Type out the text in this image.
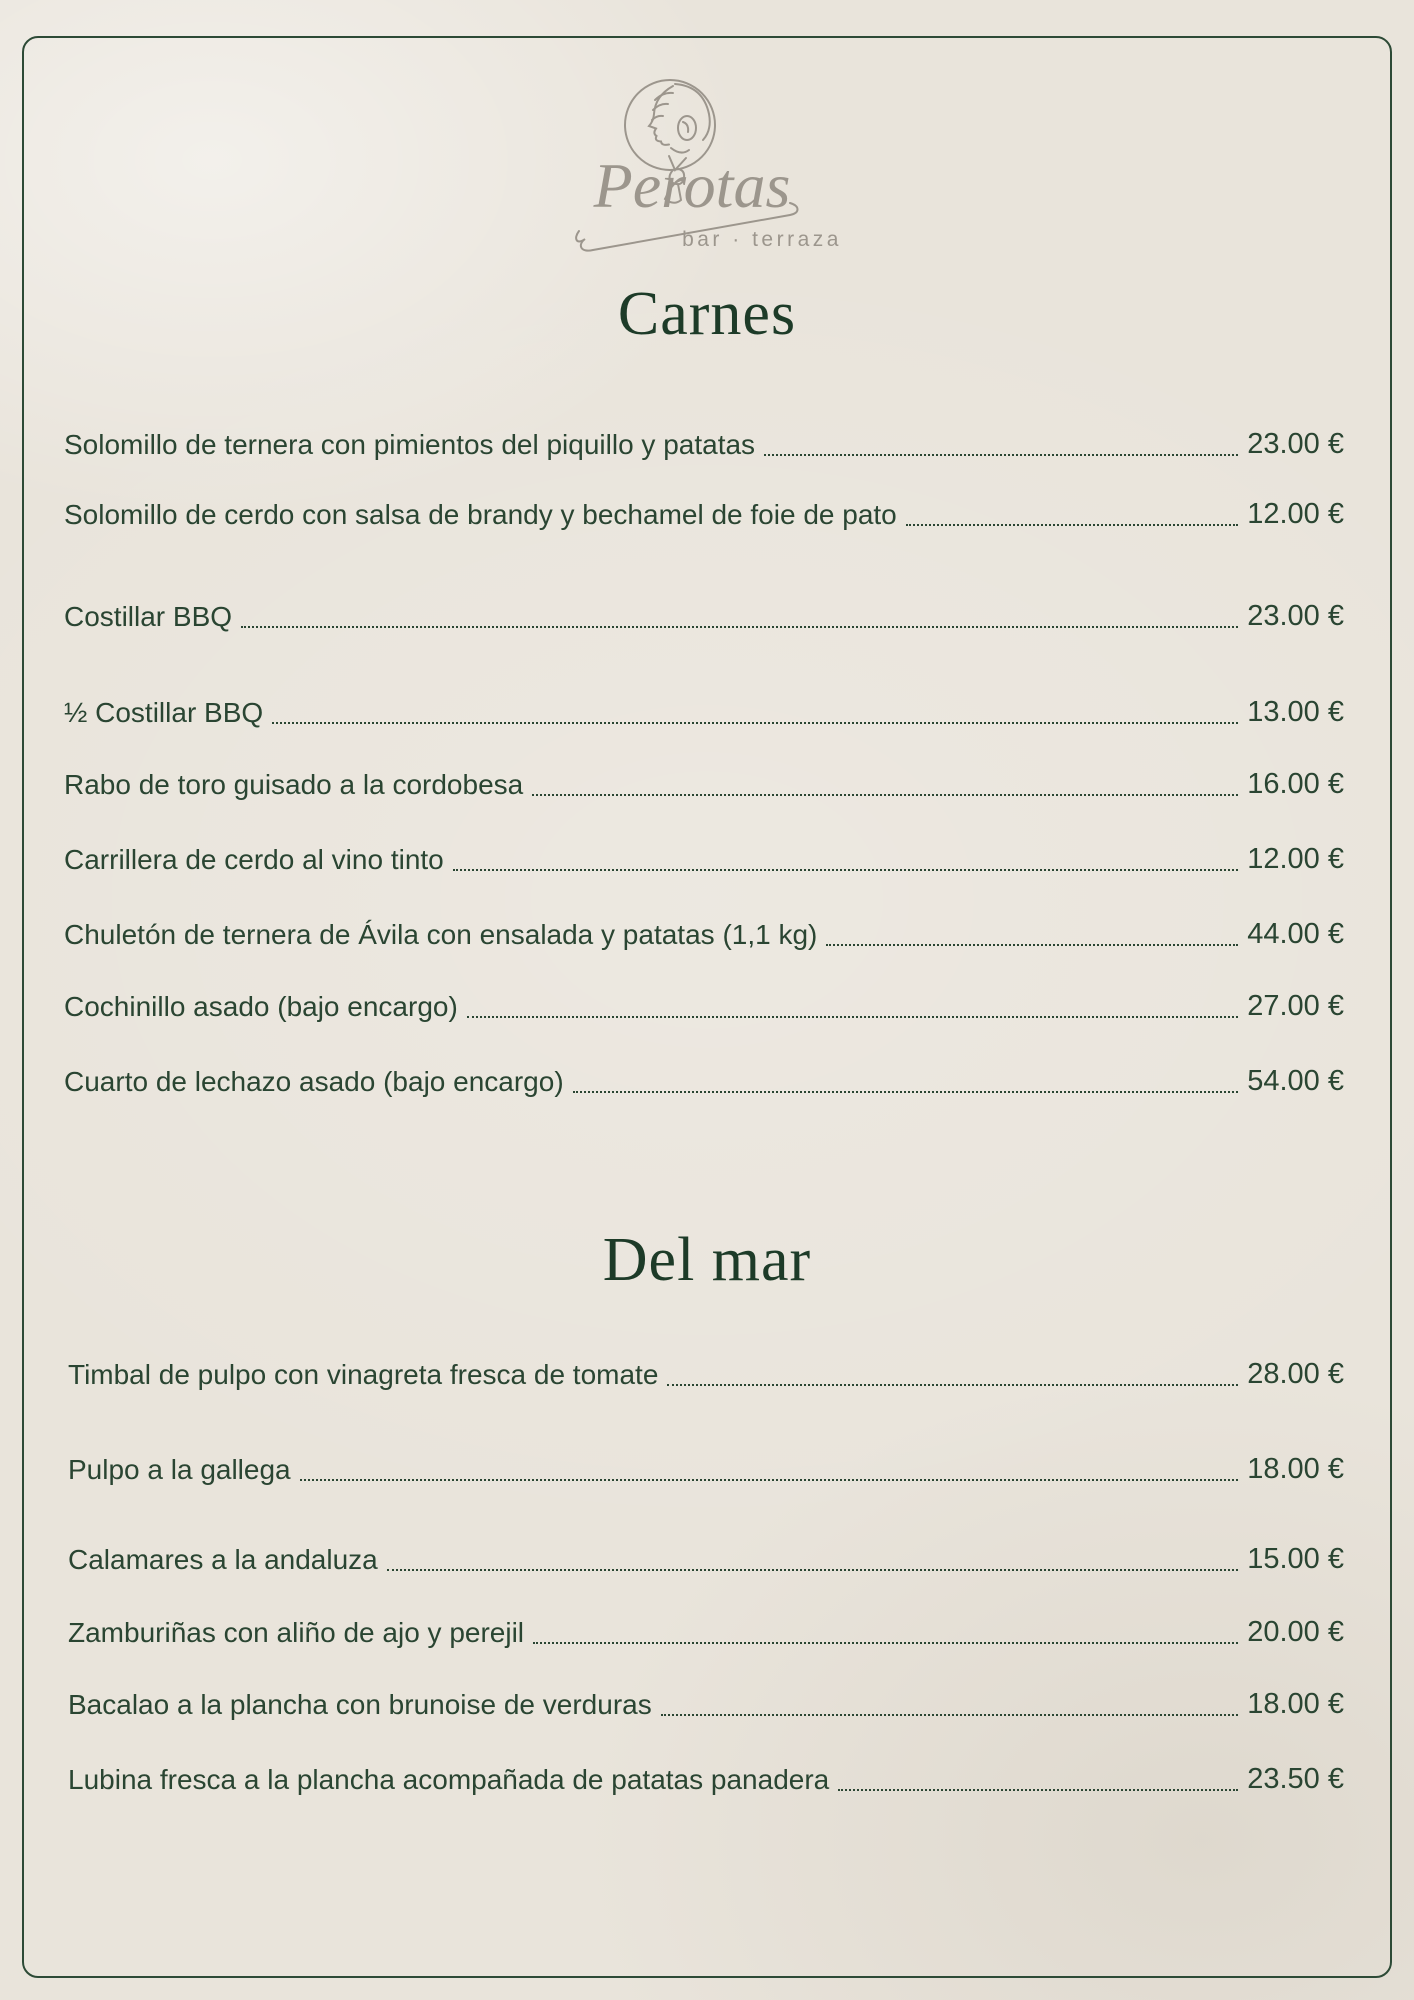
Perotas
bar · terraza
Carnes
Solomillo de ternera con pimientos del piquillo y patatas	23.00 €
Solomillo de cerdo con salsa de brandy y bechamel de foie de pato	12.00 €
Costillar BBQ	23.00 €
½ Costillar BBQ	13.00 €
Rabo de toro guisado a la cordobesa	16.00 €
Carrillera de cerdo al vino tinto	12.00 €
Chuletón de ternera de Ávila con ensalada y patatas (1,1 kg)	44.00 €
Cochinillo asado (bajo encargo)	27.00 €
Cuarto de lechazo asado (bajo encargo)	54.00 €
Del mar
Timbal de pulpo con vinagreta fresca de tomate	28.00 €
Pulpo a la gallega	18.00 €
Calamares a la andaluza	15.00 €
Zamburiñas con aliño de ajo y perejil	20.00 €
Bacalao a la plancha con brunoise de verduras	18.00 €
Lubina fresca a la plancha acompañada de patatas panadera	23.50 €
